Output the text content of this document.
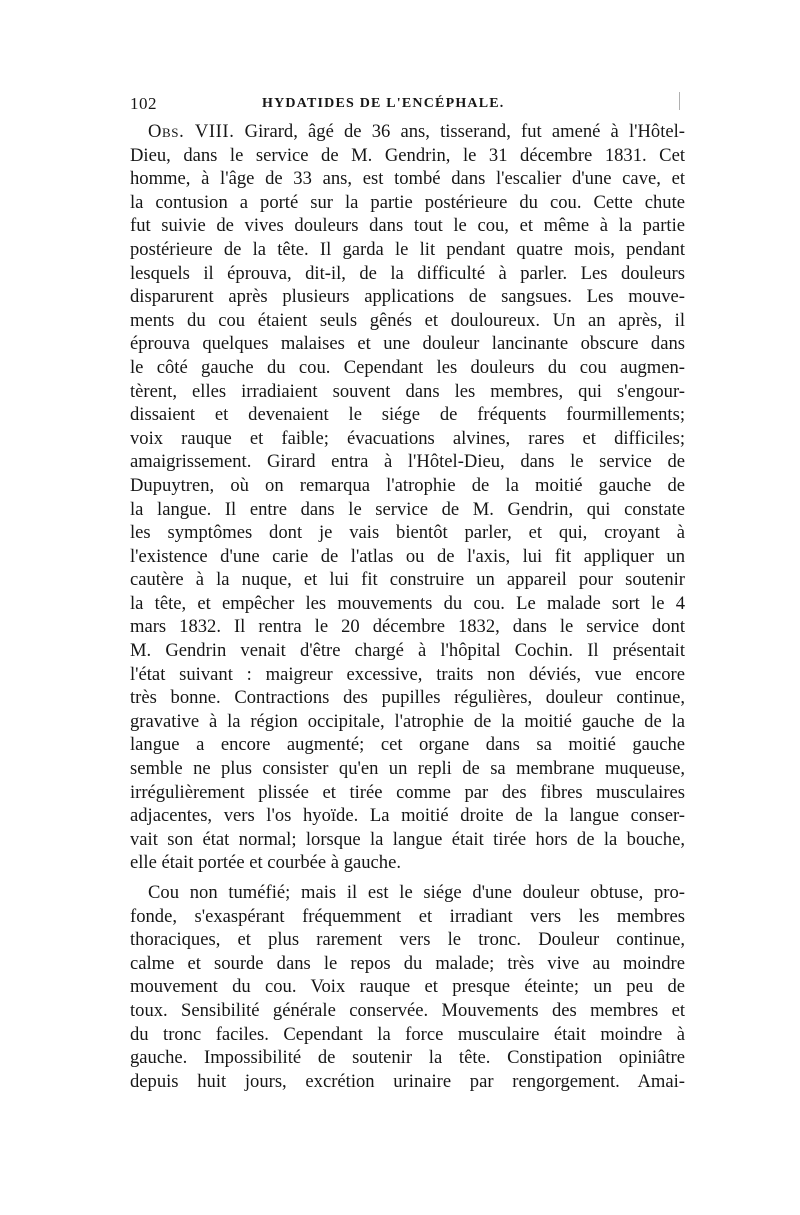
102	HYDATIDES DE L'ENCÉPHALE.
Obs. VIII. Girard, âgé de 36 ans, tisserand, fut amené à l'Hôtel-
Dieu, dans le service de M. Gendrin, le 31 décembre 1831. Cet
homme, à l'âge de 33 ans, est tombé dans l'escalier d'une cave, et
la contusion a porté sur la partie postérieure du cou. Cette chute
fut suivie de vives douleurs dans tout le cou, et même à la partie
postérieure de la tête. Il garda le lit pendant quatre mois, pendant
lesquels il éprouva, dit-il, de la difficulté à parler. Les douleurs
disparurent après plusieurs applications de sangsues. Les mouve-
ments du cou étaient seuls gênés et douloureux. Un an après, il
éprouva quelques malaises et une douleur lancinante obscure dans
le côté gauche du cou. Cependant les douleurs du cou augmen-
tèrent, elles irradiaient souvent dans les membres, qui s'engour-
dissaient et devenaient le siége de fréquents fourmillements;
voix rauque et faible; évacuations alvines, rares et difficiles;
amaigrissement. Girard entra à l'Hôtel-Dieu, dans le service de
Dupuytren, où on remarqua l'atrophie de la moitié gauche de
la langue. Il entre dans le service de M. Gendrin, qui constate
les symptômes dont je vais bientôt parler, et qui, croyant à
l'existence d'une carie de l'atlas ou de l'axis, lui fit appliquer un
cautère à la nuque, et lui fit construire un appareil pour soutenir
la tête, et empêcher les mouvements du cou. Le malade sort le 4
mars 1832. Il rentra le 20 décembre 1832, dans le service dont
M. Gendrin venait d'être chargé à l'hôpital Cochin. Il présentait
l'état suivant : maigreur excessive, traits non déviés, vue encore
très bonne. Contractions des pupilles régulières, douleur continue,
gravative à la région occipitale, l'atrophie de la moitié gauche de la
langue a encore augmenté; cet organe dans sa moitié gauche
semble ne plus consister qu'en un repli de sa membrane muqueuse,
irrégulièrement plissée et tirée comme par des fibres musculaires
adjacentes, vers l'os hyoïde. La moitié droite de la langue conser-
vait son état normal; lorsque la langue était tirée hors de la bouche,
elle était portée et courbée à gauche.
Cou non tuméfié; mais il est le siége d'une douleur obtuse, pro-
fonde, s'exaspérant fréquemment et irradiant vers les membres
thoraciques, et plus rarement vers le tronc. Douleur continue,
calme et sourde dans le repos du malade; très vive au moindre
mouvement du cou. Voix rauque et presque éteinte; un peu de
toux. Sensibilité générale conservée. Mouvements des membres et
du tronc faciles. Cependant la force musculaire était moindre à
gauche. Impossibilité de soutenir la tête. Constipation opiniâtre
depuis huit jours, excrétion urinaire par rengorgement. Amai-
